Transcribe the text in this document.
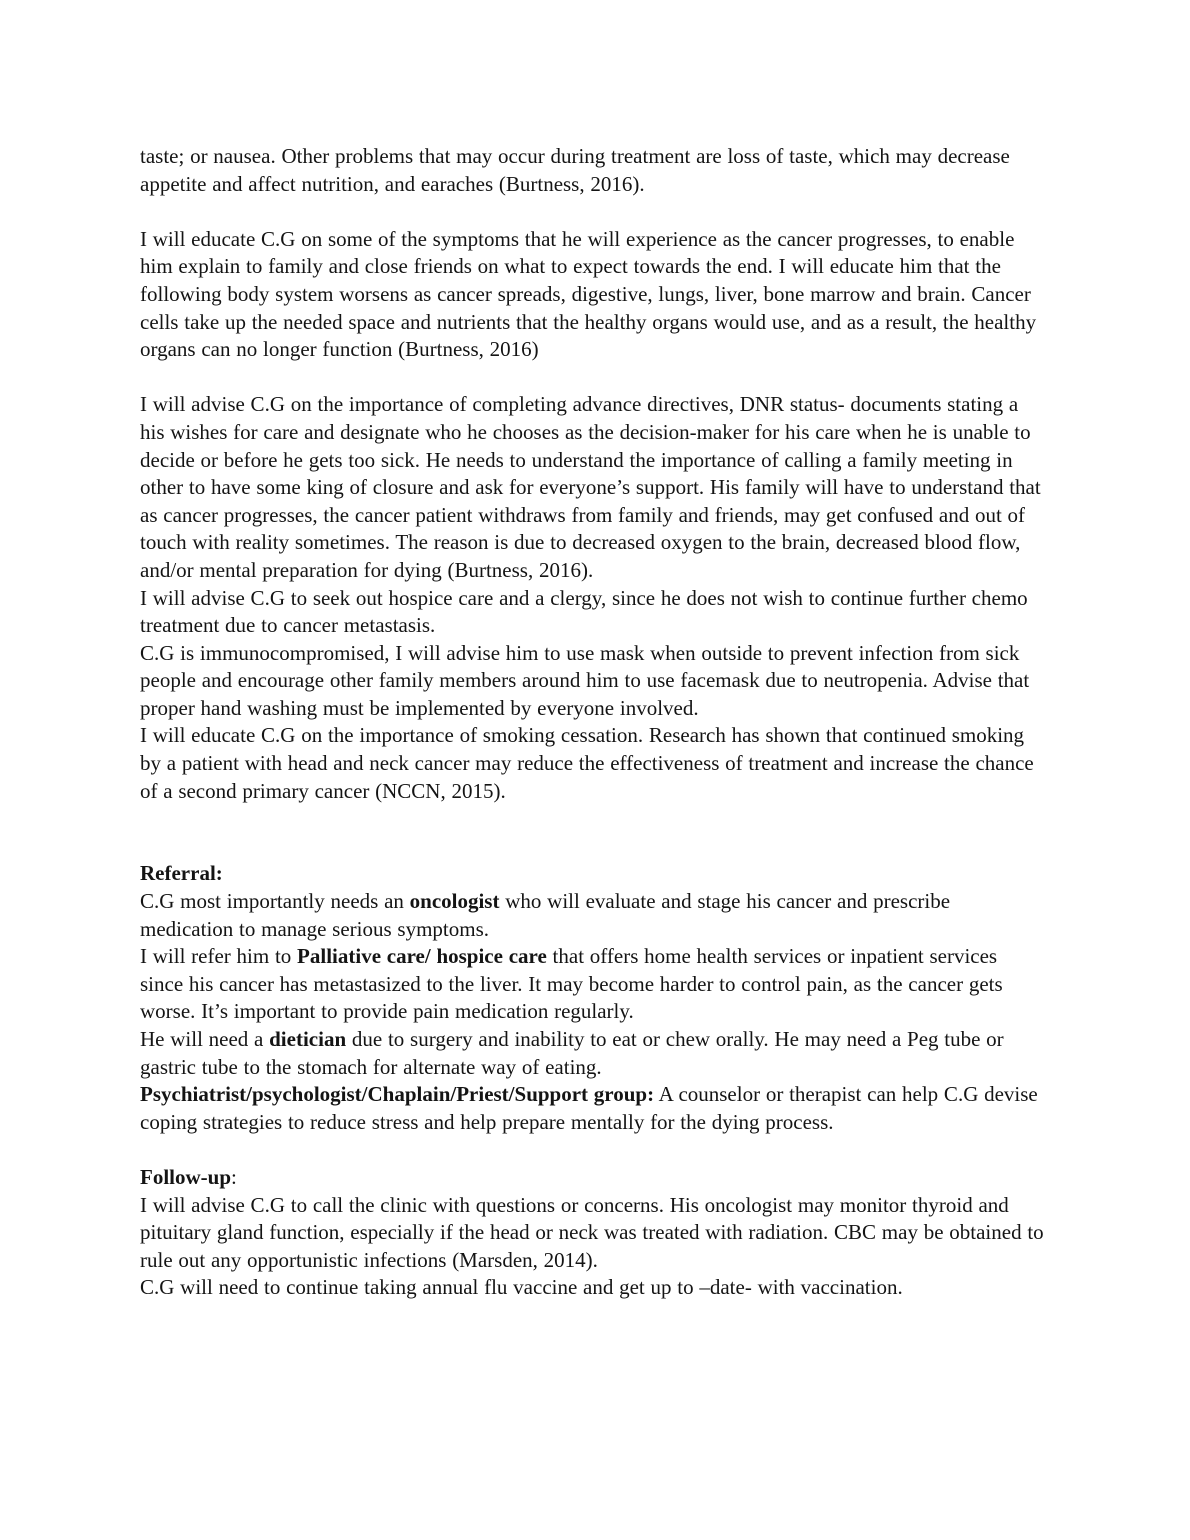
taste; or nausea. Other problems that may occur during treatment are loss of taste, which may decrease appetite and affect nutrition, and earaches (Burtness, 2016).

I will educate C.G on some of the symptoms that he will experience as the cancer progresses, to enable him explain to family and close friends on what to expect towards the end. I will educate him that the following body system worsens as cancer spreads, digestive, lungs, liver, bone marrow and brain. Cancer cells take up the needed space and nutrients that the healthy organs would use, and as a result, the healthy organs can no longer function (Burtness, 2016)

I will advise C.G on the importance of completing advance directives, DNR status- documents stating a his wishes for care and designate who he chooses as the decision-maker for his care when he is unable to decide or before he gets too sick. He needs to understand the importance of calling a family meeting in other to have some king of closure and ask for everyone’s support. His family will have to understand that as cancer progresses, the cancer patient withdraws from family and friends, may get confused and out of touch with reality sometimes. The reason is due to decreased oxygen to the brain, decreased blood flow, and/or mental preparation for dying (Burtness, 2016).

I will advise C.G to seek out hospice care and a clergy, since he does not wish to continue further chemo treatment due to cancer metastasis.

C.G is immunocompromised, I will advise him to use mask when outside to prevent infection from sick people and encourage other family members around him to use facemask due to neutropenia. Advise that proper hand washing must be implemented by everyone involved.

I will educate C.G on the importance of smoking cessation. Research has shown that continued smoking by a patient with head and neck cancer may reduce the effectiveness of treatment and increase the chance of a second primary cancer (NCCN, 2015).

Referral:

C.G most importantly needs an oncologist who will evaluate and stage his cancer and prescribe medication to manage serious symptoms.

I will refer him to Palliative care/ hospice care that offers home health services or inpatient services since his cancer has metastasized to the liver. It may become harder to control pain, as the cancer gets worse. It’s important to provide pain medication regularly.

He will need a dietician due to surgery and inability to eat or chew orally. He may need a Peg tube or gastric tube to the stomach for alternate way of eating.

Psychiatrist/psychologist/Chaplain/Priest/Support group: A counselor or therapist can help C.G devise coping strategies to reduce stress and help prepare mentally for the dying process.

Follow-up:

I will advise C.G to call the clinic with questions or concerns. His oncologist may monitor thyroid and pituitary gland function, especially if the head or neck was treated with radiation. CBC may be obtained to rule out any opportunistic infections (Marsden, 2014).

C.G will need to continue taking annual flu vaccine and get up to –date- with vaccination.
